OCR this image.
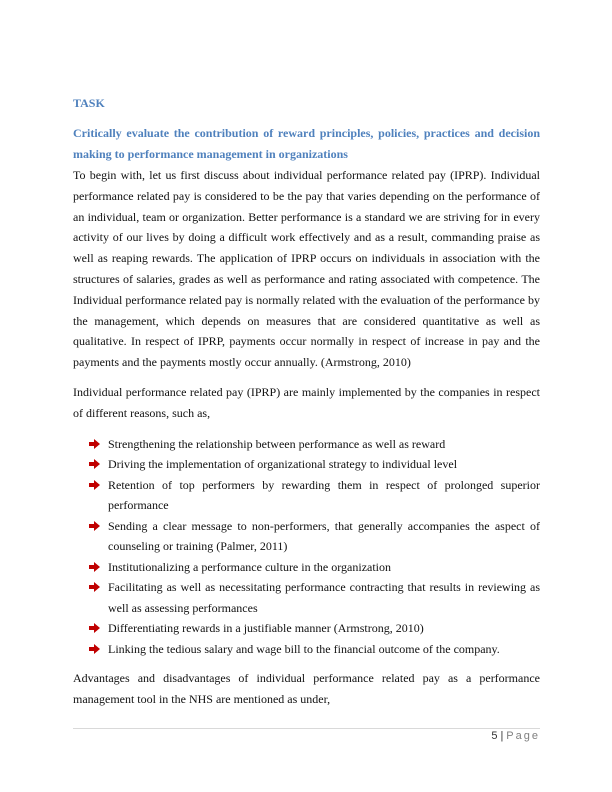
TASK

Critically evaluate the contribution of reward principles, policies, practices and decision making to performance management in organizations

To begin with, let us first discuss about individual performance related pay (IPRP). Individual performance related pay is considered to be the pay that varies depending on the performance of an individual, team or organization. Better performance is a standard we are striving for in every activity of our lives by doing a difficult work effectively and as a result, commanding praise as well as reaping rewards. The application of IPRP occurs on individuals in association with the structures of salaries, grades as well as performance and rating associated with competence. The Individual performance related pay is normally related with the evaluation of the performance by the management, which depends on measures that are considered quantitative as well as qualitative. In respect of IPRP, payments occur normally in respect of increase in pay and the payments and the payments mostly occur annually. (Armstrong, 2010)

Individual performance related pay (IPRP) are mainly implemented by the companies in respect of different reasons, such as,

Strengthening the relationship between performance as well as reward
Driving the implementation of organizational strategy to individual level
Retention of top performers by rewarding them in respect of prolonged superior performance
Sending a clear message to non-performers, that generally accompanies the aspect of counseling or training (Palmer, 2011)
Institutionalizing a performance culture in the organization
Facilitating as well as necessitating performance contracting that results in reviewing as well as assessing performances
Differentiating rewards in a justifiable manner (Armstrong, 2010)
Linking the tedious salary and wage bill to the financial outcome of the company.

Advantages and disadvantages of individual performance related pay as a performance management tool in the NHS are mentioned as under,

5 | Page
